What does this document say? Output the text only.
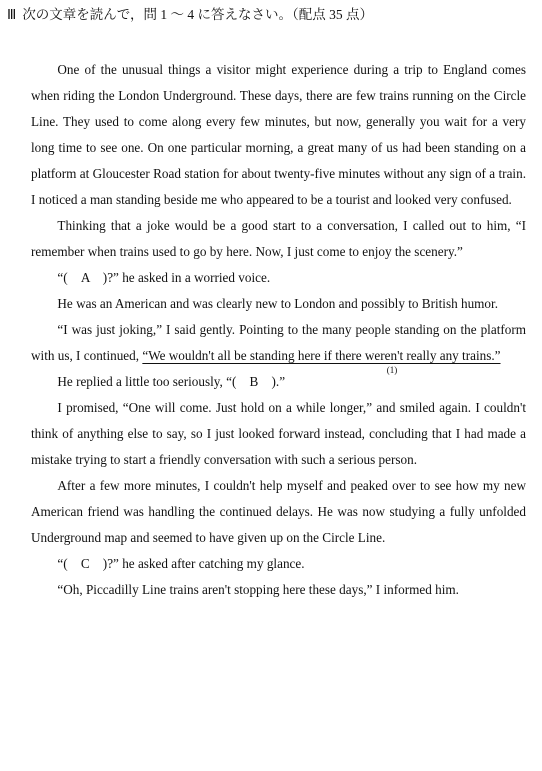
Ⅲ 次の文章を読んで，問 1 ～ 4 に答えなさい。（配点 35 点）

One of the unusual things a visitor might experience during a trip to England comes when riding the London Underground. These days, there are few trains running on the Circle Line. They used to come along every few minutes, but now, generally you wait for a very long time to see one. On one particular morning, a great many of us had been standing on a platform at Gloucester Road station for about twenty-five minutes without any sign of a train. I noticed a man standing beside me who appeared to be a tourist and looked very confused.

Thinking that a joke would be a good start to a conversation, I called out to him, “I remember when trains used to go by here. Now, I just come to enjoy the scenery.”

“(　A　)?” he asked in a worried voice.

He was an American and was clearly new to London and possibly to British humor.

“I was just joking,” I said gently. Pointing to the many people standing on the platform with us, I continued, “We wouldn't all be standing here if there weren't really any trains.”
(1)

He replied a little too seriously, “(　B　).”

I promised, “One will come. Just hold on a while longer,” and smiled again. I couldn't think of anything else to say, so I just looked forward instead, concluding that I had made a mistake trying to start a friendly conversation with such a serious person.

After a few more minutes, I couldn't help myself and peaked over to see how my new American friend was handling the continued delays. He was now studying a fully unfolded Underground map and seemed to have given up on the Circle Line.

“(　C　)?” he asked after catching my glance.

“Oh, Piccadilly Line trains aren't stopping here these days,” I informed him.
